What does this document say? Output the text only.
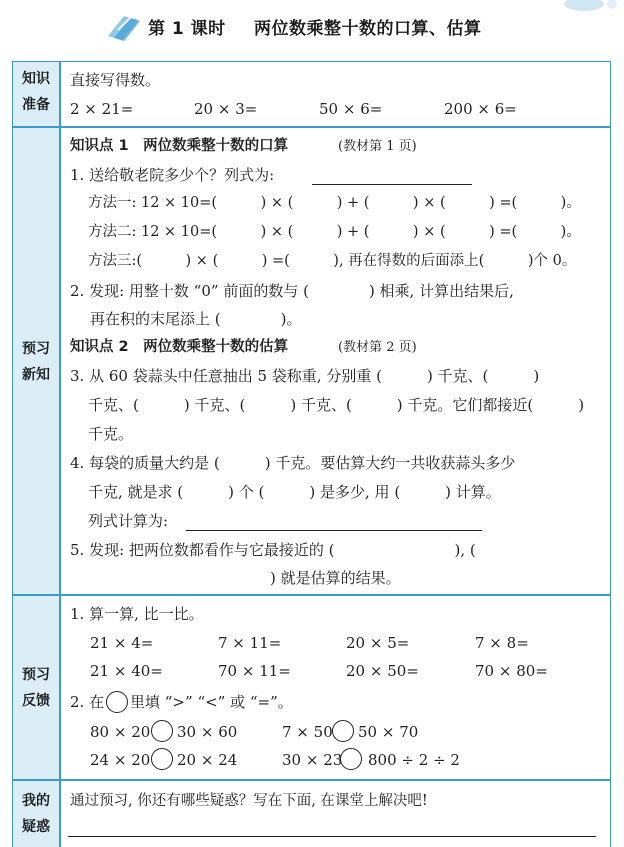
第 1 课时 两位数乘整十数的口算、估算
知识
准备
直接写得数。
2 × 21=	20 × 3=	50 × 6=	200 × 6=
预习
新知
知识点 1　两位数乘整十数的口算	(教材第 1 页)
1. 送给敬老院多少个？列式为:
方法一: 12 × 10=(　　　) × (　　　) + (　　　) × (　　　) =(　　　)。
方法二: 12 × 10=(　　　) × (　　　) + (　　　) × (　　　) =(　　　)。
方法三:(　　　) × (　　　) =(　　　), 再在得数的后面添上(　　　)个 0。
2. 发现: 用整十数 “0” 前面的数与 (　　　　) 相乘, 计算出结果后,
再在积的末尾添上 (　　　　)。
知识点 2　两位数乘整十数的估算	(教材第 2 页)
3. 从 60 袋蒜头中任意抽出 5 袋称重, 分别重 (　　　) 千克、(　　　)
千克、(　　　) 千克、(　　　) 千克、(　　　) 千克。它们都接近(　　　)
千克。
4. 每袋的质量大约是 (　　　) 千克。要估算大约一共收获蒜头多少
千克, 就是求 (　　　) 个 (　　　) 是多少, 用 (　　　) 计算。
列式计算为:
5. 发现: 把两位数都看作与它最接近的 (　　　　　　　　), (
　　　　　　) 就是估算的结果。
预习
反馈
1. 算一算, 比一比。
21 × 4=	7 × 11=	20 × 5=	7 × 8=
21 × 40=	70 × 11=	20 × 50=	70 × 80=
2. 在 里填 “>” “<” 或 “=”。
80 × 20 30 × 60	7 × 50 50 × 70
24 × 20 20 × 24	30 × 23 800 ÷ 2 ÷ 2
我的
疑惑
通过预习, 你还有哪些疑惑？写在下面, 在课堂上解决吧!
